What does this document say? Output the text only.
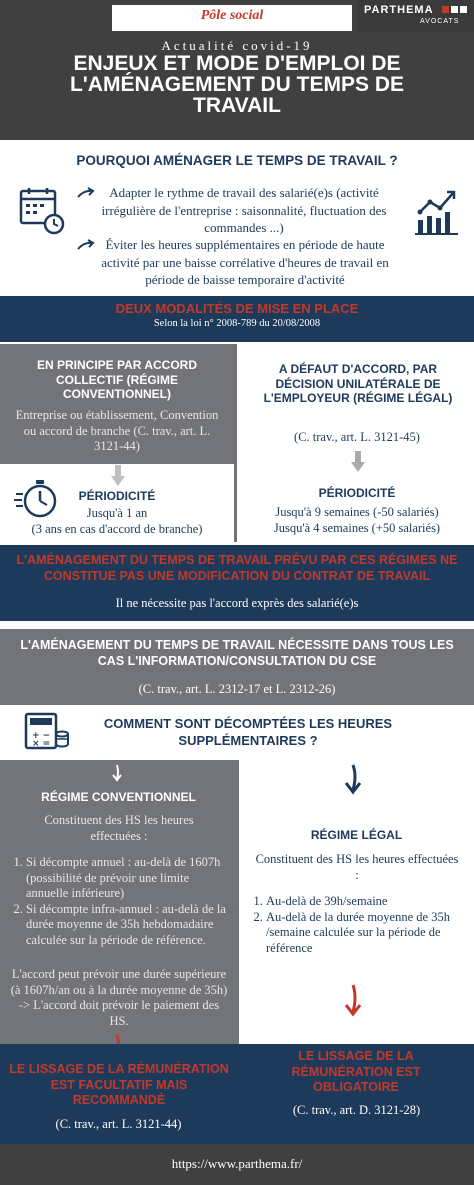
Pôle social	PARTHEMA
AVOCATS
Actualité covid-19
ENJEUX ET MODE D'EMPLOI DE L'AMÉNAGEMENT DU TEMPS DE TRAVAIL
POURQUOI AMÉNAGER LE TEMPS DE TRAVAIL ?
Adapter le rythme de travail des salarié(e)s (activité irrégulière de l'entreprise : saisonnalité, fluctuation des commandes ...)
Éviter les heures supplémentaires en période de haute activité par une baisse corrélative d'heures de travail en période de baisse temporaire d'activité
DEUX MODALITÉS DE MISE EN PLACE
Selon la loi n° 2008-789 du 20/08/2008
EN PRINCIPE PAR ACCORD COLLECTIF (RÉGIME CONVENTIONNEL)
Entreprise ou établissement, Convention ou accord de branche (C. trav., art. L. 3121-44)
PÉRIODICITÉ
Jusqu'à 1 an
(3 ans en cas d'accord de branche)
A DÉFAUT D'ACCORD, PAR DÉCISION UNILATÉRALE DE L'EMPLOYEUR (RÉGIME LÉGAL)
(C. trav., art. L. 3121-45)
PÉRIODICITÉ
Jusqu'à 9 semaines (-50 salariés)
Jusqu'à 4 semaines (+50 salariés)
L'AMÉNAGEMENT DU TEMPS DE TRAVAIL PRÉVU PAR CES RÉGIMES NE CONSTITUE PAS UNE MODIFICATION DU CONTRAT DE TRAVAIL
Il ne nécessite pas l'accord exprès des salarié(e)s
L'AMÉNAGEMENT DU TEMPS DE TRAVAIL NÉCESSITE DANS TOUS LES CAS L'INFORMATION/CONSULTATION DU CSE
(C. trav., art. L. 2312-17 et L. 2312-26)
+ −
× =
COMMENT SONT DÉCOMPTÉES LES HEURES SUPPLÉMENTAIRES ?
RÉGIME CONVENTIONNEL
Constituent des HS les heures effectuées :
1. Si décompte annuel : au-delà de 1607h (possibilité de prévoir une limite annuelle inférieure)
2. Si décompte infra-annuel : au-delà de la durée moyenne de 35h hebdomadaire calculée sur la période de référence.
L'accord peut prévoir une durée supérieure (à 1607h/an ou à la durée moyenne de 35h) -> L'accord doit prévoir le paiement des HS.
RÉGIME LÉGAL
Constituent des HS les heures effectuées :
1. Au-delà de 39h/semaine
2. Au-delà de la durée moyenne de 35h /semaine calculée sur la période de référence
LE LISSAGE DE LA RÉMUNÉRATION EST FACULTATIF MAIS RECOMMANDÉ
(C. trav., art. L. 3121-44)
LE LISSAGE DE LA RÉMUNÉRATION EST OBLIGATOIRE
(C. trav., art. D. 3121-28)
https://www.parthema.fr/
